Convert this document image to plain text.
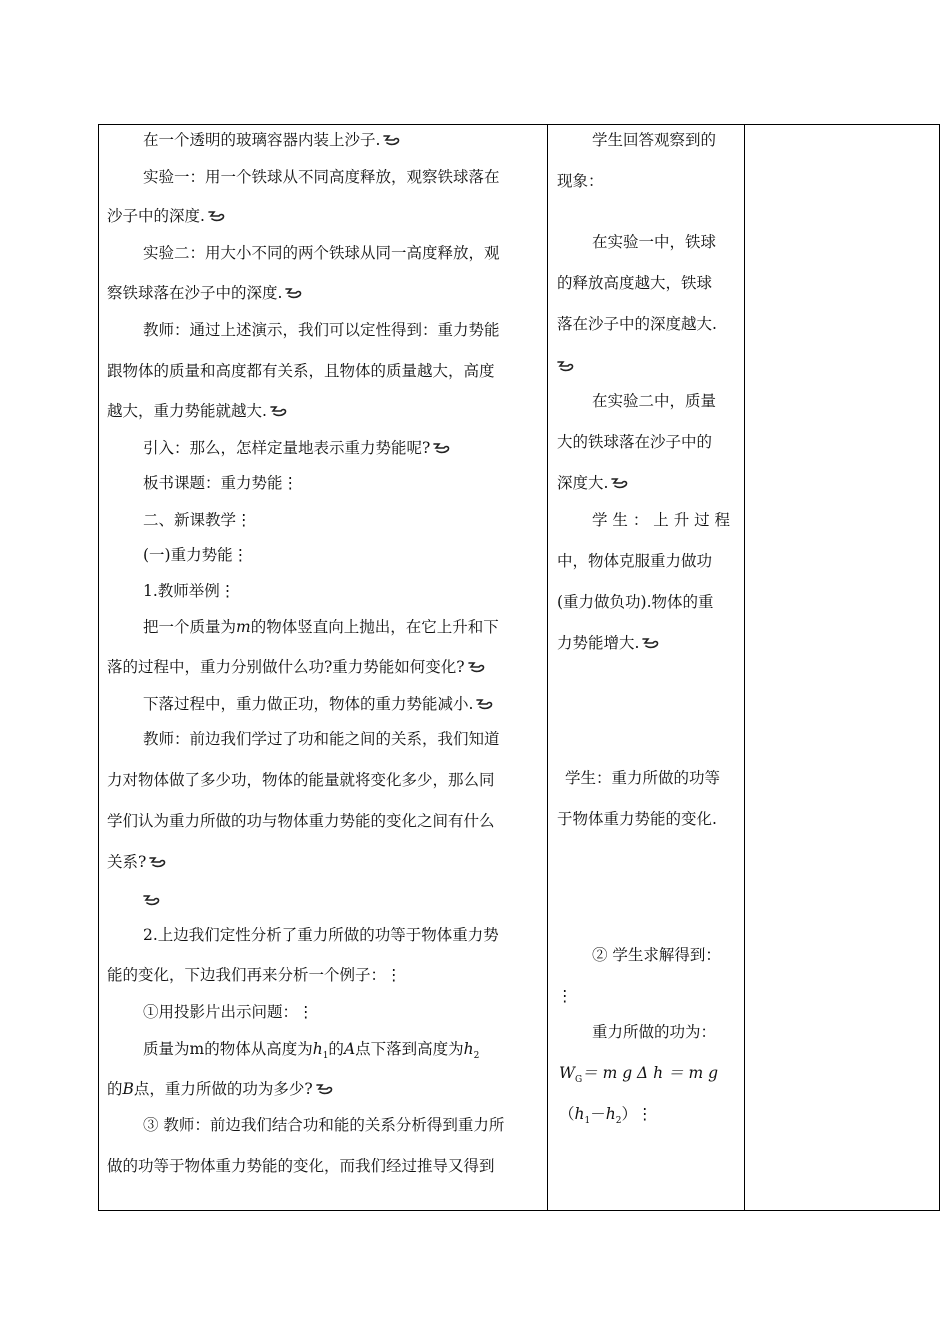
在一个透明的玻璃容器内装上沙子.
实验一：用一个铁球从不同高度释放，观察铁球落在
沙子中的深度.
实验二：用大小不同的两个铁球从同一高度释放，观
察铁球落在沙子中的深度.
教师：通过上述演示，我们可以定性得到：重力势能
跟物体的质量和高度都有关系，且物体的质量越大，高度
越大，重力势能就越大.
引入：那么，怎样定量地表示重力势能呢?
板书课题：重力势能⋮
二、新课教学⋮
(一)重力势能⋮
1.教师举例⋮
把一个质量为m的物体竖直向上抛出，在它上升和下
落的过程中，重力分别做什么功?重力势能如何变化?
下落过程中，重力做正功，物体的重力势能减小.
教师：前边我们学过了功和能之间的关系，我们知道
力对物体做了多少功，物体的能量就将变化多少，那么同
学们认为重力所做的功与物体重力势能的变化之间有什么
关系?
2.上边我们定性分析了重力所做的功等于物体重力势
能的变化，下边我们再来分析一个例子：⋮
①用投影片出示问题：⋮
质量为m的物体从高度为$h_1$的A点下落到高度为$h_2$
的B点，重力所做的功为多少?
③ 教师：前边我们结合功和能的关系分析得到重力所
做的功等于物体重力势能的变化，而我们经过推导又得到
学生回答观察到的
现象：
在实验一中，铁球
的释放高度越大，铁球
落在沙子中的深度越大.
在实验二中，质量
大的铁球落在沙子中的
深度大.
学 生 ： 上 升 过 程
中，物体克服重力做功
(重力做负功).物体的重
力势能增大.
学生：重力所做的功等
于物体重力势能的变化.
② 学生求解得到：
⋮
重力所做的功为：
$W_G= m$ g Δ h ＝ m g
$(h_1-h_2)⋮$
